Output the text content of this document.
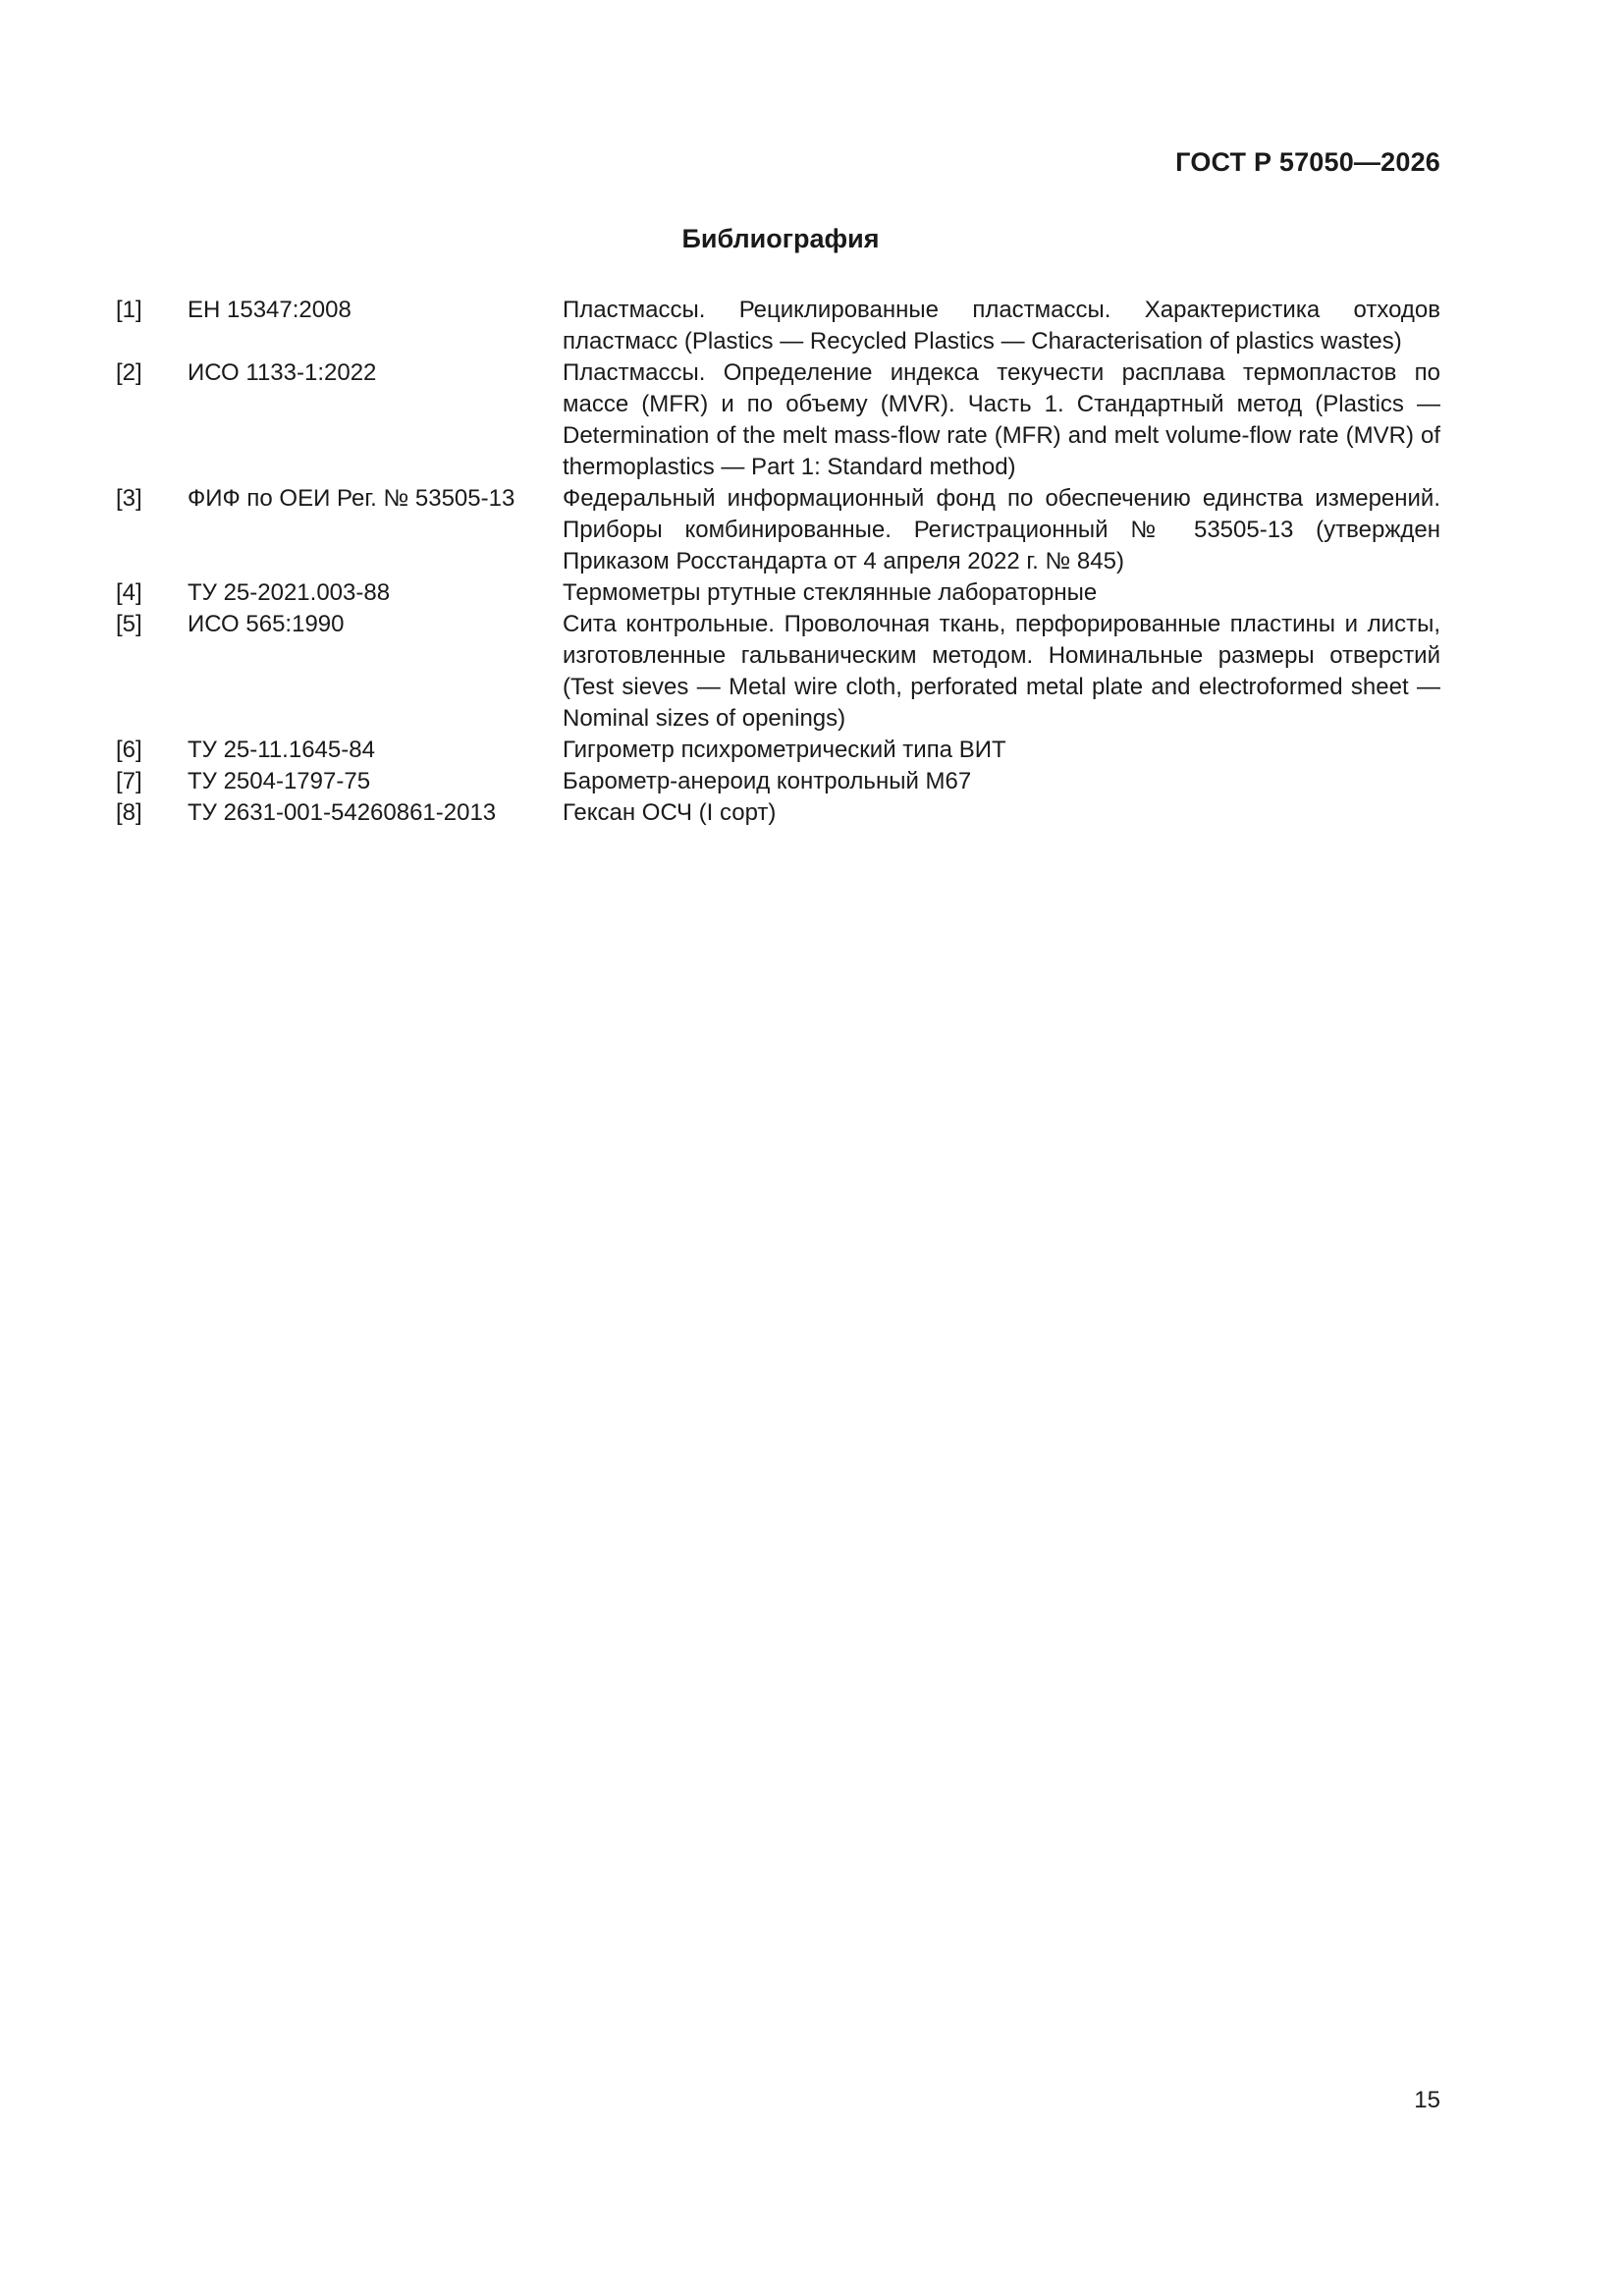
ГОСТ Р 57050—2026
Библиография
[1]	ЕН 15347:2008	Пластмассы. Рециклированные пластмассы. Характеристика отходов пластмасс (Plastics — Recycled Plastics — Characterisation of plastics wastes)
[2]	ИСО 1133-1:2022	Пластмассы. Определение индекса текучести расплава термопластов по массе (MFR) и по объему (MVR). Часть 1. Стандартный метод (Plastics — Determination of the melt mass-flow rate (MFR) and melt volume-flow rate (MVR) of thermoplastics — Part 1: Standard method)
[3]	ФИФ по ОЕИ Рег. № 53505-13	Федеральный информационный фонд по обеспечению единства измерений. Приборы комбинированные. Регистрационный № 53505-13 (утвержден Приказом Росстандарта от 4 апреля 2022 г. № 845)
[4]	ТУ 25-2021.003-88	Термометры ртутные стеклянные лабораторные
[5]	ИСО 565:1990	Сита контрольные. Проволочная ткань, перфорированные пластины и листы, изготовленные гальваническим методом. Номинальные размеры отверстий (Test sieves — Metal wire cloth, perforated metal plate and electroformed sheet — Nominal sizes of openings)
[6]	ТУ 25-11.1645-84	Гигрометр психрометрический типа ВИТ
[7]	ТУ 2504-1797-75	Барометр-анероид контрольный М67
[8]	ТУ 2631-001-54260861-2013	Гексан ОСЧ (I сорт)
15
